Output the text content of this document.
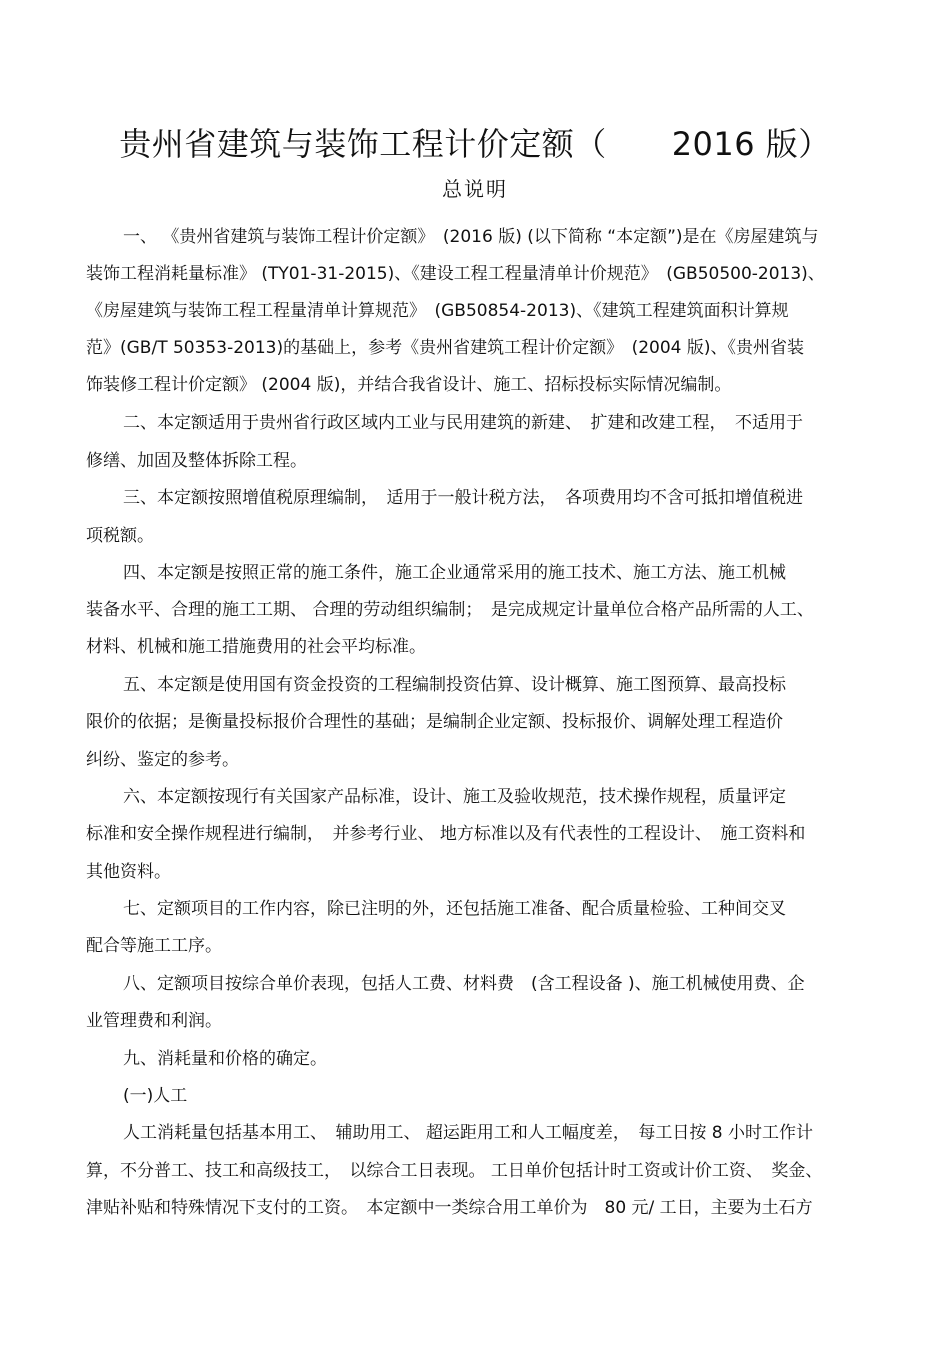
贵州省建筑与装饰工程计价定额（　　2016 版）
总说明
一、 《贵州省建筑与装饰工程计价定额》　(2016 版) (以下简称 “本定额”)是在《房屋建筑与
装饰工程消耗量标准》 (TY01-31-2015)、《建设工程工程量清单计价规范》　(GB50500-2013)、
《房屋建筑与装饰工程工程量清单计算规范》　(GB50854-2013)、《建筑工程建筑面积计算规
范》(GB/T 50353-2013)的基础上，参考《贵州省建筑工程计价定额》　(2004 版)、《贵州省装
饰装修工程计价定额》 (2004 版)，并结合我省设计、施工、招标投标实际情况编制。
二、本定额适用于贵州省行政区域内工业与民用建筑的新建、　扩建和改建工程，　不适用于
修缮、加固及整体拆除工程。
三、本定额按照增值税原理编制，　适用于一般计税方法，　各项费用均不含可抵扣增值税进
项税额。
四、本定额是按照正常的施工条件，施工企业通常采用的施工技术、施工方法、施工机械
装备水平、合理的施工工期、 合理的劳动组织编制；　是完成规定计量单位合格产品所需的人工、
材料、机械和施工措施费用的社会平均标准。
五、本定额是使用国有资金投资的工程编制投资估算、设计概算、施工图预算、最高投标
限价的依据；是衡量投标报价合理性的基础；是编制企业定额、投标报价、调解处理工程造价
纠纷、鉴定的参考。
六、本定额按现行有关国家产品标准，设计、施工及验收规范，技术操作规程，质量评定
标准和安全操作规程进行编制，　并参考行业、 地方标准以及有代表性的工程设计、　施工资料和
其他资料。
七、定额项目的工作内容，除已注明的外，还包括施工准备、配合质量检验、工种间交叉
配合等施工工序。
八、定额项目按综合单价表现，包括人工费、材料费　(含工程设备 )、施工机械使用费、企
业管理费和利润。
九、消耗量和价格的确定。
(一)人工
人工消耗量包括基本用工、　辅助用工、 超运距用工和人工幅度差，　每工日按 8 小时工作计
算，不分普工、技工和高级技工，　以综合工日表现。 工日单价包括计时工资或计价工资、　奖金、
津贴补贴和特殊情况下支付的工资。　本定额中一类综合用工单价为　80 元/ 工日，主要为土石方
